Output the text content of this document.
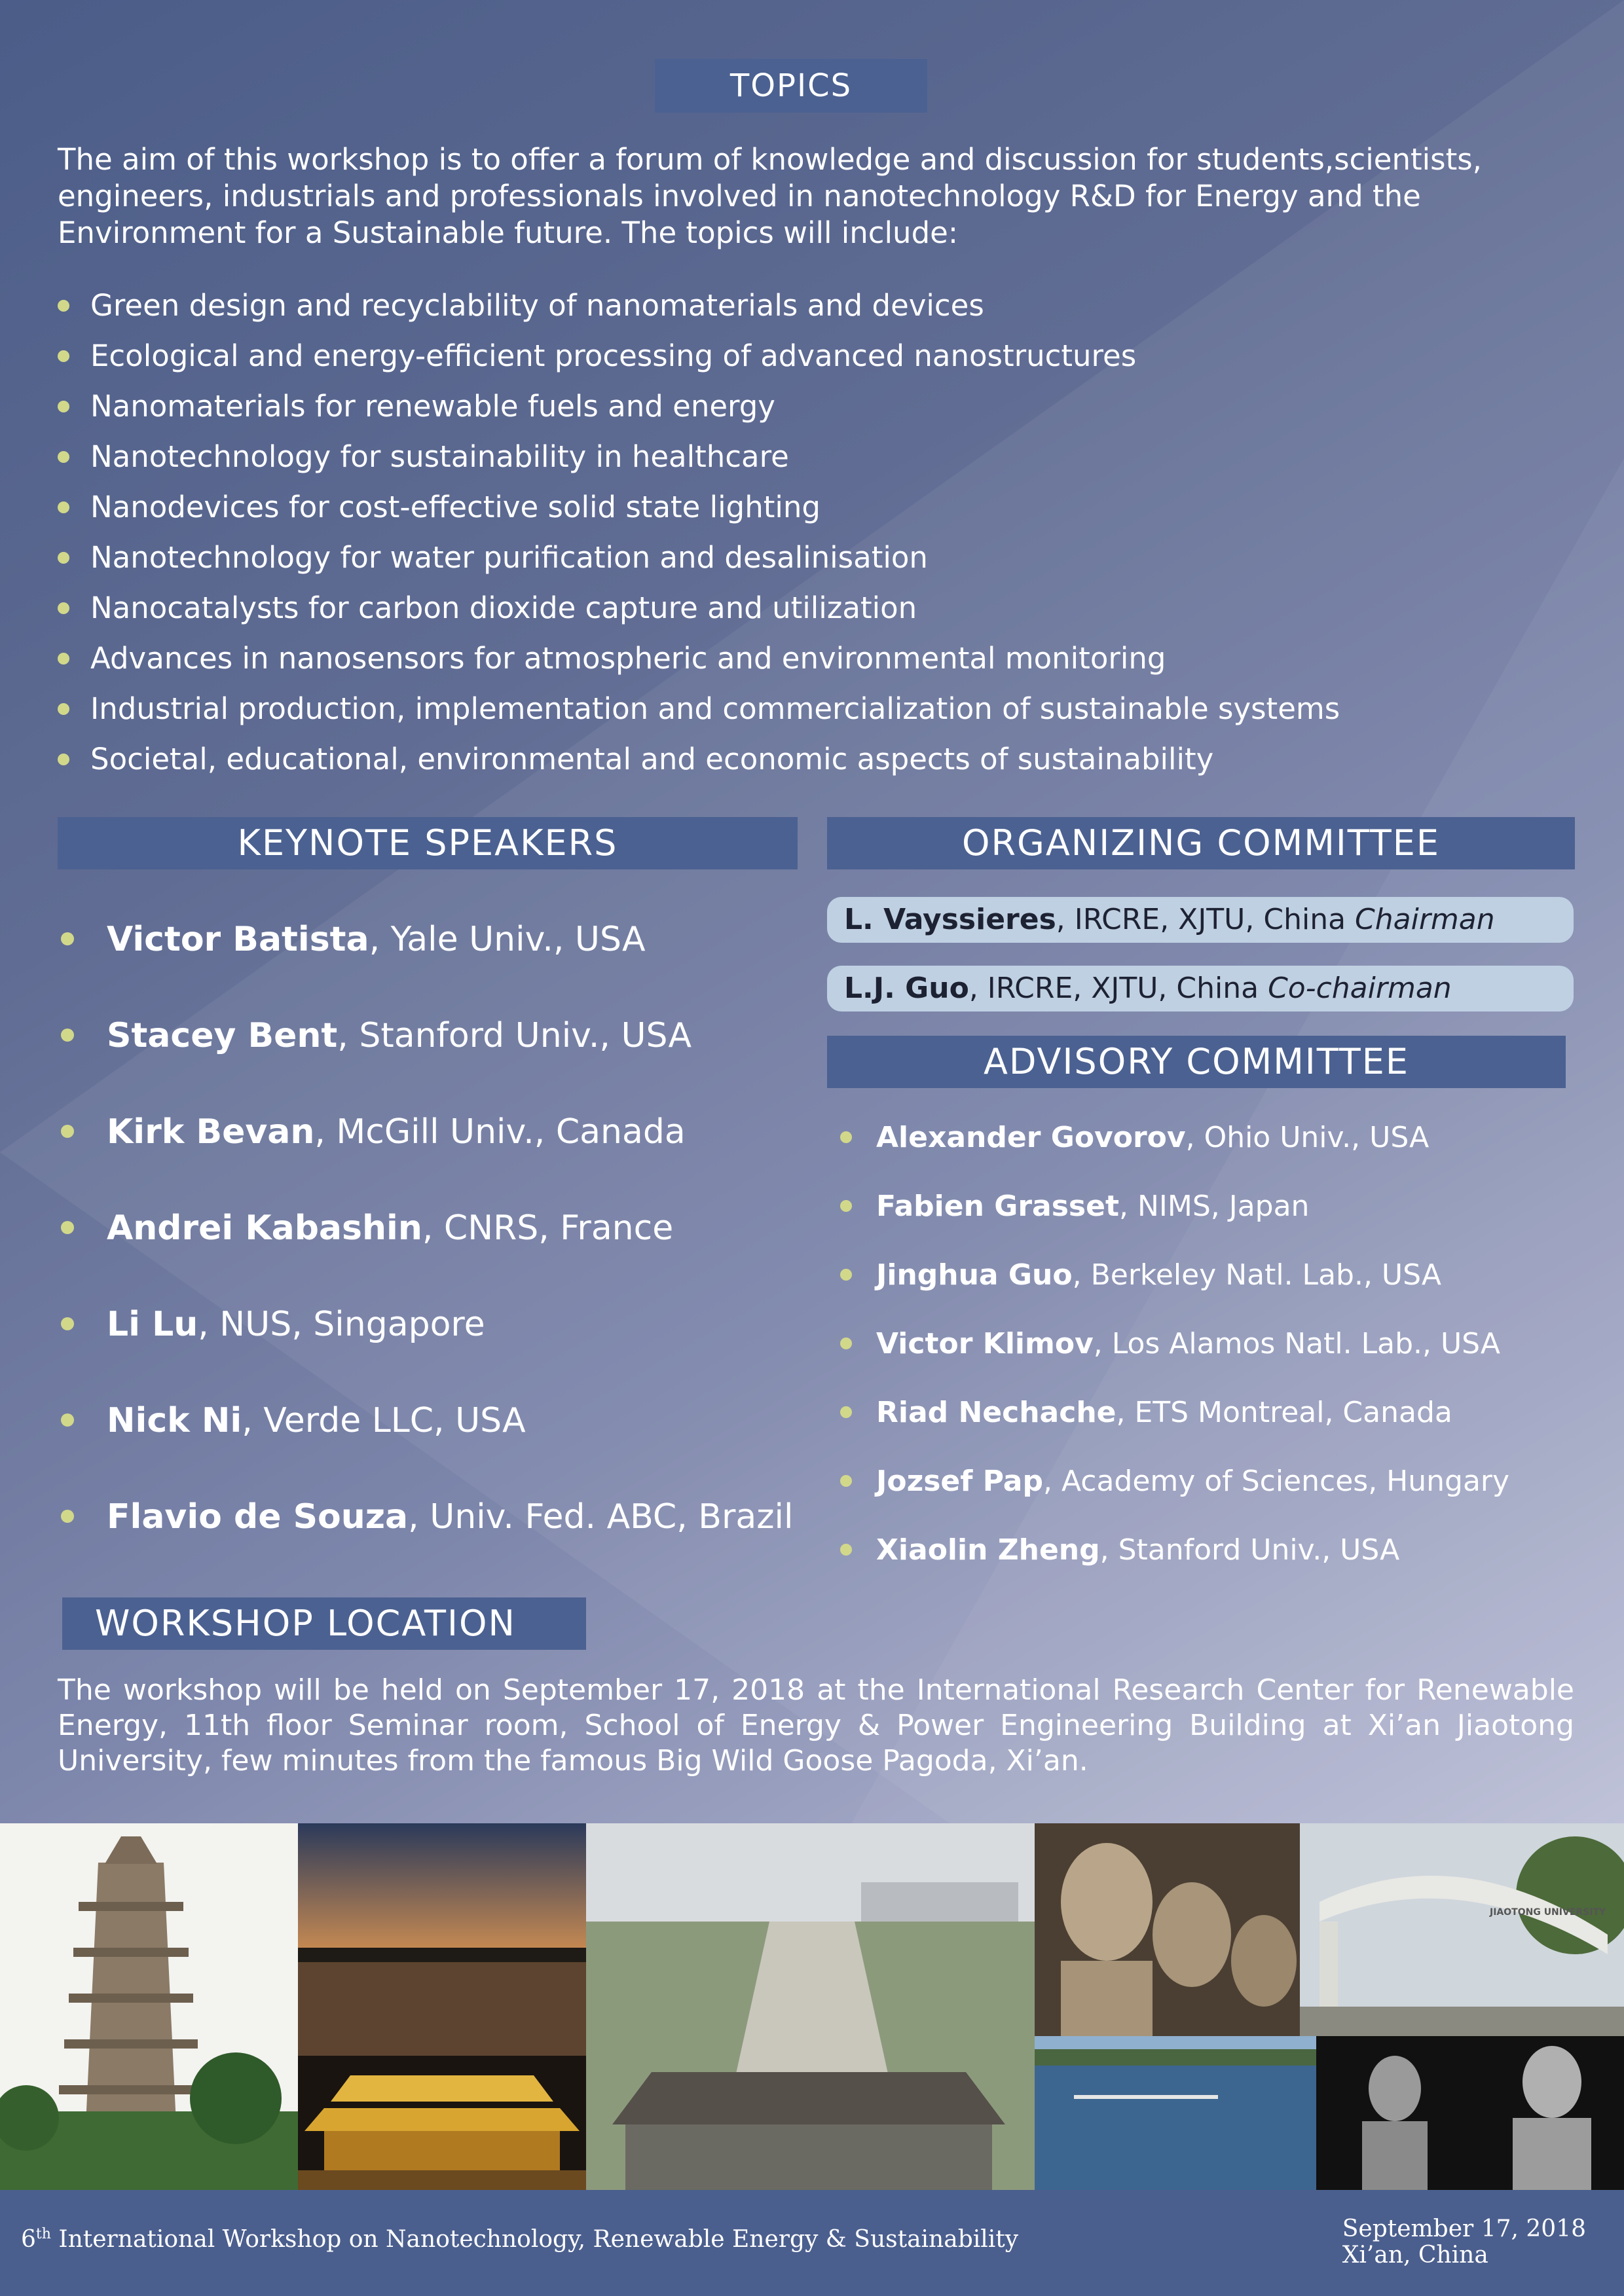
TOPICS
The aim of this workshop is to offer a forum of knowledge and discussion for students,scientists, engineers, industrials and professionals involved in nanotechnology R&D for Energy and the Environment for a Sustainable future. The topics will include:
Green design and recyclability of nanomaterials and devices
Ecological and energy-efficient processing of advanced nanostructures
Nanomaterials for renewable fuels and energy
Nanotechnology for sustainability in healthcare
Nanodevices for cost-effective solid state lighting
Nanotechnology for water purification and desalinisation
Nanocatalysts for carbon dioxide capture and utilization
Advances in nanosensors for atmospheric and environmental monitoring
Industrial production, implementation and commercialization of sustainable systems
Societal, educational, environmental and economic aspects of sustainability
KEYNOTE SPEAKERS
Victor Batista, Yale Univ., USA
Stacey Bent, Stanford Univ., USA
Kirk Bevan, McGill Univ., Canada
Andrei Kabashin, CNRS, France
Li Lu, NUS, Singapore
Nick Ni, Verde LLC, USA
Flavio de Souza, Univ. Fed. ABC, Brazil
ORGANIZING COMMITTEE
L. Vayssieres, IRCRE, XJTU, China Chairman
L.J. Guo, IRCRE, XJTU, China Co-chairman
ADVISORY COMMITTEE
Alexander Govorov, Ohio Univ., USA
Fabien Grasset, NIMS, Japan
Jinghua Guo, Berkeley Natl. Lab., USA
Victor Klimov, Los Alamos Natl. Lab., USA
Riad Nechache, ETS Montreal, Canada
Jozsef Pap, Academy of Sciences, Hungary
Xiaolin Zheng, Stanford Univ., USA
WORKSHOP LOCATION
The workshop will be held on September 17, 2018 at the International Research Center for Renewable Energy, 11th floor Seminar room, School of Energy & Power Engineering Building at Xi’an Jiaotong University, few minutes from the famous Big Wild Goose Pagoda, Xi’an.
JIAOTONG UNIVERSITY
6th International Workshop on Nanotechnology, Renewable Energy & Sustainability	September 17, 2018
Xi’an, China
